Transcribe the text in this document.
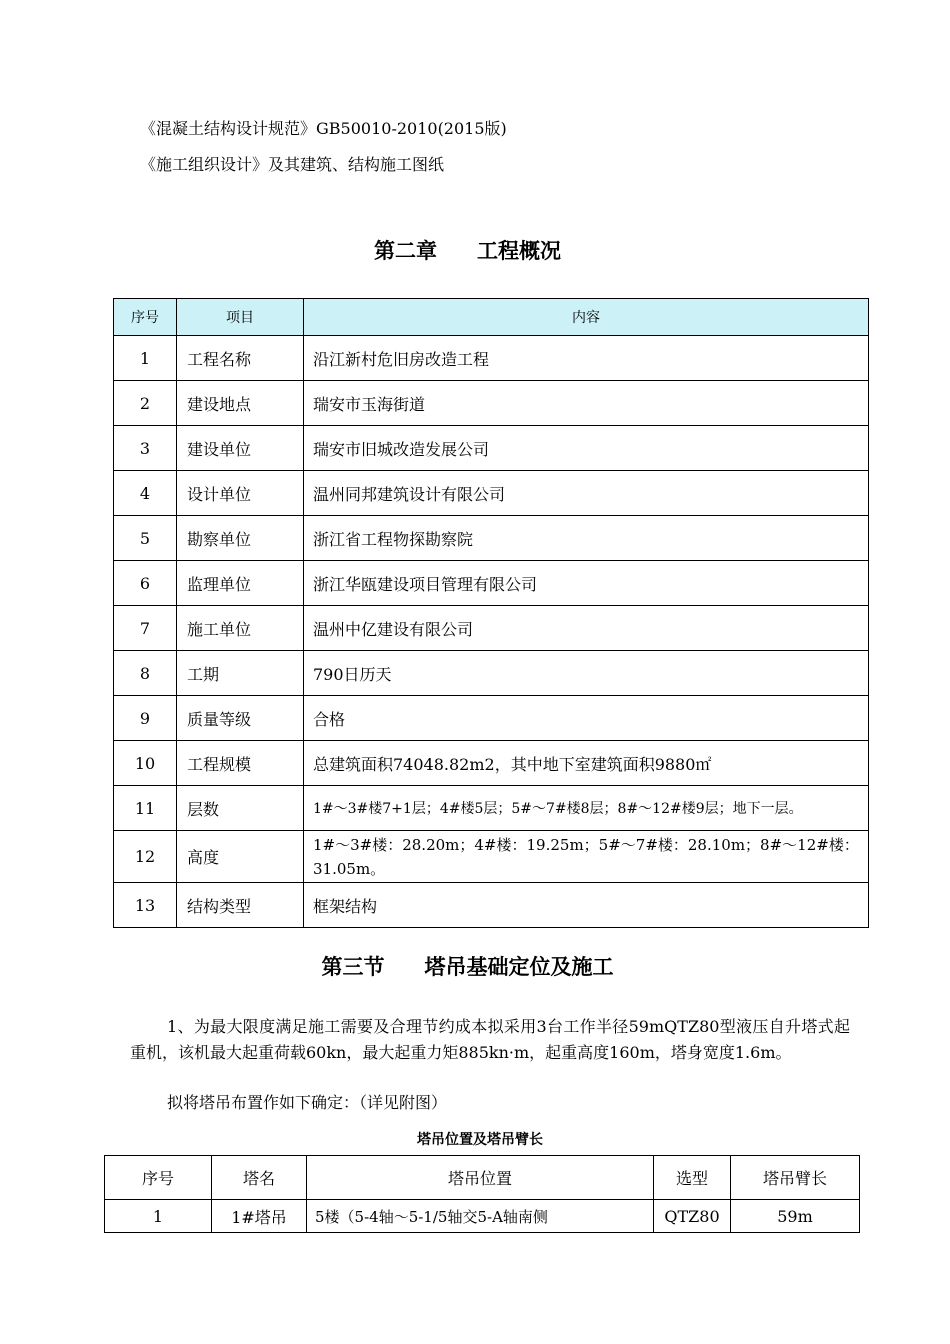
《混凝土结构设计规范》GB50010-2010(2015版)
《施工组织设计》及其建筑、结构施工图纸
第二章 工程概况
序号	项目	内容
1	工程名称	沿江新村危旧房改造工程
2	建设地点	瑞安市玉海街道
3	建设单位	瑞安市旧城改造发展公司
4	设计单位	温州同邦建筑设计有限公司
5	勘察单位	浙江省工程物探勘察院
6	监理单位	浙江华瓯建设项目管理有限公司
7	施工单位	温州中亿建设有限公司
8	工期	790日历天
9	质量等级	合格
10	工程规模	总建筑面积74048.82m2，其中地下室建筑面积9880㎡
11	层数	1#～3#楼7+1层；4#楼5层；5#～7#楼8层；8#～12#楼9层；地下一层。
12	高度	1#～3#楼：28.20m；4#楼：19.25m；5#～7#楼：28.10m；8#～12#楼：31.05m。
13	结构类型	框架结构
第三节 塔吊基础定位及施工
1、为最大限度满足施工需要及合理节约成本拟采用3台工作半径59mQTZ80型液压自升塔式起重机，该机最大起重荷载60kn，最大起重力矩885kn·m，起重高度160m，塔身宽度1.6m。
拟将塔吊布置作如下确定：（详见附图）
塔吊位置及塔吊臂长
序号	塔名	塔吊位置	选型	塔吊臂长
1	1#塔吊	5楼（5-4轴～5-1/5轴交5-A轴南侧	QTZ80	59m
